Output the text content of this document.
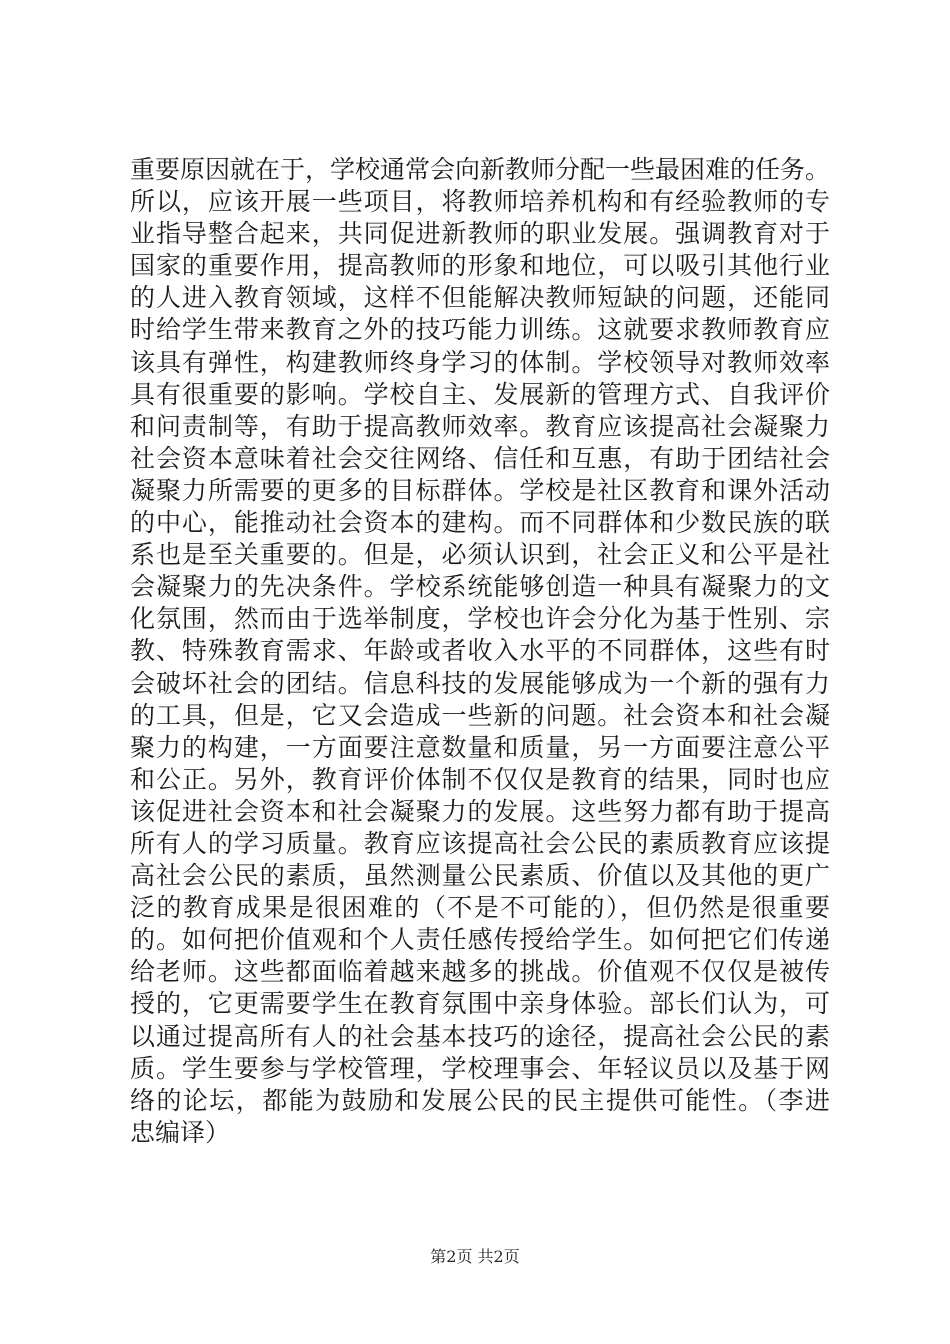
重要原因就在于，学校通常会向新教师分配一些最困难的任务。
所以，应该开展一些项目，将教师培养机构和有经验教师的专
业指导整合起来，共同促进新教师的职业发展。强调教育对于
国家的重要作用，提高教师的形象和地位，可以吸引其他行业
的人进入教育领域，这样不但能解决教师短缺的问题，还能同
时给学生带来教育之外的技巧能力训练。这就要求教师教育应
该具有弹性，构建教师终身学习的体制。学校领导对教师效率
具有很重要的影响。学校自主、发展新的管理方式、自我评价
和问责制等，有助于提高教师效率。教育应该提高社会凝聚力
社会资本意味着社会交往网络、信任和互惠，有助于团结社会
凝聚力所需要的更多的目标群体。学校是社区教育和课外活动
的中心，能推动社会资本的建构。而不同群体和少数民族的联
系也是至关重要的。但是，必须认识到，社会正义和公平是社
会凝聚力的先决条件。学校系统能够创造一种具有凝聚力的文
化氛围，然而由于选举制度，学校也许会分化为基于性别、宗
教、特殊教育需求、年龄或者收入水平的不同群体，这些有时
会破坏社会的团结。信息科技的发展能够成为一个新的强有力
的工具，但是，它又会造成一些新的问题。社会资本和社会凝
聚力的构建，一方面要注意数量和质量，另一方面要注意公平
和公正。另外，教育评价体制不仅仅是教育的结果，同时也应
该促进社会资本和社会凝聚力的发展。这些努力都有助于提高
所有人的学习质量。教育应该提高社会公民的素质教育应该提
高社会公民的素质，虽然测量公民素质、价值以及其他的更广
泛的教育成果是很困难的（不是不可能的），但仍然是很重要
的。如何把价值观和个人责任感传授给学生。如何把它们传递
给老师。这些都面临着越来越多的挑战。价值观不仅仅是被传
授的，它更需要学生在教育氛围中亲身体验。部长们认为，可
以通过提高所有人的社会基本技巧的途径，提高社会公民的素
质。学生要参与学校管理，学校理事会、年轻议员以及基于网
络的论坛，都能为鼓励和发展公民的民主提供可能性。（李进
忠编译）
第2页 共2页
